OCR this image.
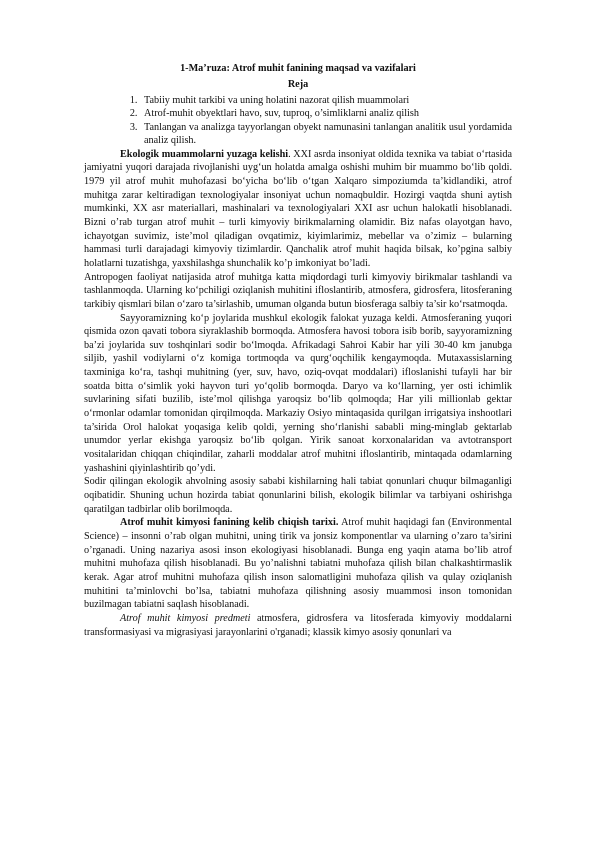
1-Ma’ruza: Atrof muhit fanining maqsad va vazifalari

Reja

1. Tabiiy muhit tarkibi va uning holatini nazorat qilish muammolari
2. Atrof-muhit obyektlari havo, suv, tuproq, o’simliklarni analiz qilish
3. Tanlangan va analizga tayyorlangan obyekt namunasini tanlangan analitik usul yordamida analiz qilish.

Ekologik muammolarni yuzaga kelishi. XXI asrda insoniyat oldida texnika va tabiat o‘rtasida jamiyatni yuqori darajada rivojlanishi uyg‘un holatda amalga oshishi muhim bir muammo bo‘lib qoldi. 1979 yil atrof muhit muhofazasi bo‘yicha bo‘lib o‘tgan Xalqaro simpoziumda ta’kidlandiki, atrof muhitga zarar keltiradigan texnologiyalar insoniyat uchun nomaqbuldir. Hozirgi vaqtda shuni aytish mumkinki, XX asr materiallari, mashinalari va texnologiyalari XXI asr uchun halokatli hisoblanadi. Bizni o’rab turgan atrof muhit – turli kimyoviy birikmalarning olamidir. Biz nafas olayotgan havo, ichayotgan suvimiz, iste’mol qiladigan ovqatimiz, kiyimlarimiz, mebellar va o’zimiz – bularning hammasi turli darajadagi kimyoviy tizimlardir. Qanchalik atrof muhit haqida bilsak, ko’pgina salbiy holatlarni tuzatishga, yaxshilashga shunchalik ko’p imkoniyat bo’ladi.

Antropogen faoliyat natijasida atrof muhitga katta miqdordagi turli kimyoviy birikmalar tashlandi va tashlanmoqda. Ularning ko‘pchiligi oziqlanish muhitini ifloslantirib, atmosfera, gidrosfera, litosferaning tarkibiy qismlari bilan o‘zaro ta’sirlashib, umuman olganda butun biosferaga salbiy ta’sir ko‘rsatmoqda.

Sayyoramizning ko‘p joylarida mushkul ekologik falokat yuzaga keldi. Atmosferaning yuqori qismida ozon qavati tobora siyraklashib bormoqda. Atmosfera havosi tobora isib borib, sayyoramizning ba’zi joylarida suv toshqinlari sodir bo‘lmoqda. Afrikadagi Sahroi Kabir har yili 30-40 km janubga siljib, yashil vodiylarni o‘z komiga tortmoqda va qurg‘oqchilik kengaymoqda. Mutaxassislarning taxminiga ko‘ra, tashqi muhitning (yer, suv, havo, oziq-ovqat moddalari) ifloslanishi tufayli har bir soatda bitta o‘simlik yoki hayvon turi yo‘qolib bormoqda. Daryo va ko‘llarning, yer osti ichimlik suvlarining sifati buzilib, iste’mol qilishga yaroqsiz bo‘lib qolmoqda; Har yili millionlab gektar o‘rmonlar odamlar tomonidan qirqilmoqda. Markaziy Osiyo mintaqasida qurilgan irrigatsiya inshootlari ta’sirida Orol halokat yoqasiga kelib qoldi, yerning sho‘rlanishi sababli ming-minglab gektarlab unumdor yerlar ekishga yaroqsiz bo‘lib qolgan. Yirik sanoat korxonalaridan va avtotransport vositalaridan chiqqan chiqindilar, zaharli moddalar atrof muhitni ifloslantirib, mintaqada odamlarning yashashini qiyinlashtirib qo’ydi.

Sodir qilingan ekologik ahvolning asosiy sababi kishilarning hali tabiat qonunlari chuqur bilmaganligi oqibatidir. Shuning uchun hozirda tabiat qonunlarini bilish, ekologik bilimlar va tarbiyani oshirishga qaratilgan tadbirlar olib borilmoqda.

Atrof muhit kimyosi fanining kelib chiqish tarixi. Atrof muhit haqidagi fan (Environmental Science) – insonni o’rab olgan muhitni, uning tirik va jonsiz komponentlar va ularning o’zaro ta’sirini o’rganadi. Uning nazariya asosi inson ekologiyasi hisoblanadi. Bunga eng yaqin atama bo’lib atrof muhitni muhofaza qilish hisoblanadi. Bu yo’nalishni tabiatni muhofaza qilish bilan chalkashtirmaslik kerak. Agar atrof muhitni muhofaza qilish inson salomatligini muhofaza qilish va qulay oziqlanish muhitini ta’minlovchi bo’lsa, tabiatni muhofaza qilishning asosiy muammosi inson tomonidan buzilmagan tabiatni saqlash hisoblanadi.

Atrof muhit kimyosi predmeti atmosfera, gidrosfera va litosferada kimyoviy moddalarni transformasiyasi va migrasiyasi jarayonlarini o'rganadi; klassik kimyo asosiy qonunlari va
